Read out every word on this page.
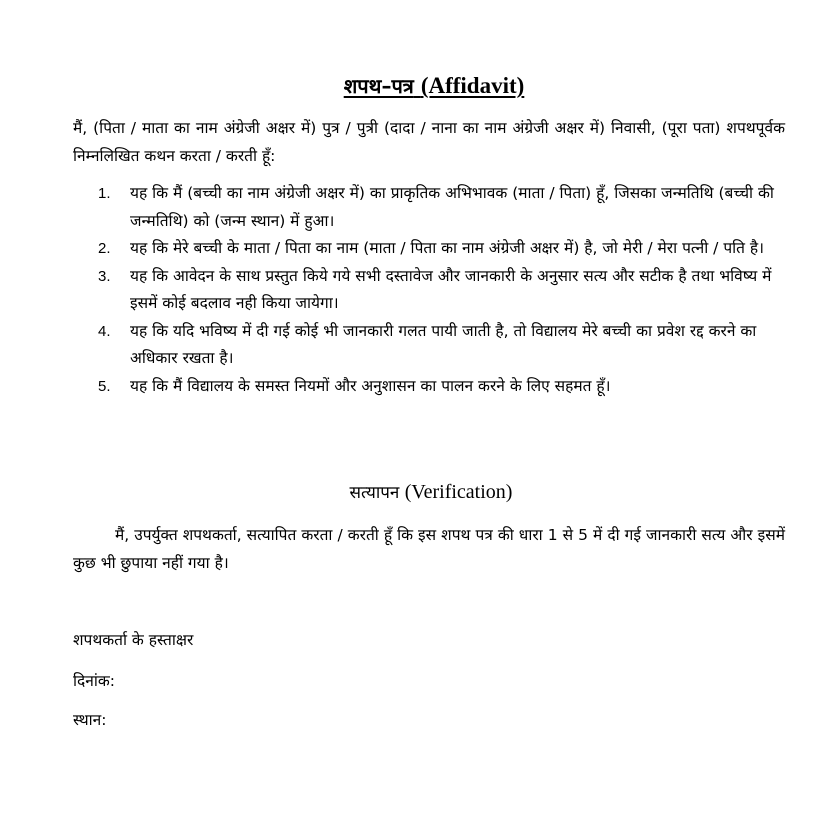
शपथ–पत्र (Affidavit)
मैं, (पिता / माता का नाम अंग्रेजी अक्षर में) पुत्र / पुत्री (दादा / नाना का नाम अंग्रेजी अक्षर में) निवासी, (पूरा पता) शपथपूर्वक निम्नलिखित कथन करता / करती हूँ:
1. यह कि मैं (बच्ची का नाम अंग्रेजी अक्षर में) का प्राकृतिक अभिभावक (माता / पिता) हूँ, जिसका जन्मतिथि (बच्ची की जन्मतिथि) को (जन्म स्थान) में हुआ।
2. यह कि मेरे बच्ची के माता / पिता का नाम (माता / पिता का नाम अंग्रेजी अक्षर में) है, जो मेरी / मेरा पत्नी / पति है।
3. यह कि आवेदन के साथ प्रस्तुत किये गये सभी दस्तावेज और जानकारी के अनुसार सत्य और सटीक है तथा भविष्य में इसमें कोई बदलाव नही किया जायेगा।
4. यह कि यदि भविष्य में दी गई कोई भी जानकारी गलत पायी जाती है, तो विद्यालय मेरे बच्ची का प्रवेश रद्द करने का अधिकार रखता है।
5. यह कि मैं विद्यालय के समस्त नियमों और अनुशासन का पालन करने के लिए सहमत हूँ।
सत्यापन (Verification)
मैं, उपर्युक्त शपथकर्ता, सत्यापित करता / करती हूँ कि इस शपथ पत्र की धारा 1 से 5 में दी गई जानकारी सत्य और इसमें कुछ भी छुपाया नहीं गया है।
शपथकर्ता के हस्ताक्षर
दिनांक:
स्थान:
